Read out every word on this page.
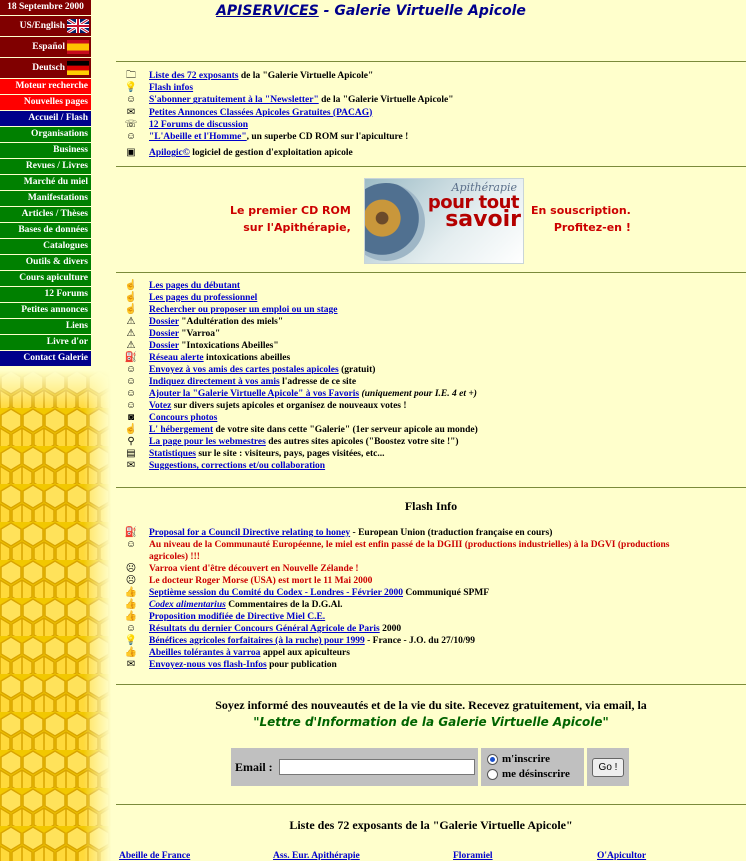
18 Septembre 2000
US/English
Español
Deutsch
Moteur recherche
Nouvelles pages
Accueil / Flash
Organisations
Business
Revues / Livres
Marché du miel
Manifestations
Articles / Thèses
Bases de données
Catalogues
Outils & divers
Cours apiculture
12 Forums
Petites annonces
Liens
Livre d'or
Contact Galerie
APISERVICES - Galerie Virtuelle Apicole
🗀 Liste des 72 exposants de la "Galerie Virtuelle Apicole"
💡 Flash infos
☺ S'abonner gratuitement à la "Newsletter" de la "Galerie Virtuelle Apicole"
✉ Petites Annonces Classées Apicoles Gratuites (PACAG)
☏ 12 Forums de discussion
☺ "L'Abeille et l'Homme", un superbe CD ROM sur l'apiculture !
▣ Apilogic© logiciel de gestion d'exploitation apicole
Le premier CD ROM
sur l'Apithérapie,
Apithérapie
pour tout
savoir En souscription.
Profitez-en !
☝ Les pages du débutant
☝ Les pages du professionnel
☝ Rechercher ou proposer un emploi ou un stage
⚠ Dossier "Adultération des miels"
⚠ Dossier "Varroa"
⚠ Dossier "Intoxications Abeilles"
⛽ Réseau alerte intoxications abeilles
☺ Envoyez à vos amis des cartes postales apicoles (gratuit)
☺ Indiquez directement à vos amis l'adresse de ce site
☺ Ajouter la "Galerie Virtuelle Apicole" à vos Favoris (uniquement pour I.E. 4 et +)
☺ Votez sur divers sujets apicoles et organisez de nouveaux votes !
◙	Concours photos
☝ L' hébergement de votre site dans cette "Galerie" (1er serveur apicole au monde)
⚲	La page pour les webmestres des autres sites apicoles ("Boostez votre site !")
▤ Statistiques sur le site : visiteurs, pays, pages visitées, etc...
✉ Suggestions, corrections et/ou collaboration
Flash Info
⛽ Proposal for a Council Directive relating to honey - European Union (traduction française en cours)
☺ Au niveau de la Communauté Européenne, le miel est enfin passé de la DGIII (productions industrielles) à la DGVI (productions
agricoles) !!!
☹ Varroa vient d'être découvert en Nouvelle Zélande !
☹ Le docteur Roger Morse (USA) est mort le 11 Mai 2000
👍 Septième session du Comité du Codex - Londres - Février 2000 Communiqué SPMF
👍 Codex alimentarius Commentaires de la D.G.Al.
👍 Proposition modifiée de Directive Miel C.E.
☺ Résultats du dernier Concours Général Agricole de Paris 2000
💡 Bénéfices agricoles forfaitaires (à la ruche) pour 1999 - France - J.O. du 27/10/99
👍 Abeilles tolérantes à varroa appel aux apiculteurs
✉ Envoyez-nous vos flash-Infos pour publication
Soyez informé des nouveautés et de la vie du site. Recevez gratuitement, via email, la
"Lettre d'Information de la Galerie Virtuelle Apicole"
Email :
m'inscrire
me désinscrire
Go !
Liste des 72 exposants de la "Galerie Virtuelle Apicole"
Abeille de France	Ass. Eur. Apithérapie	Floramiel	O'Apicultor
